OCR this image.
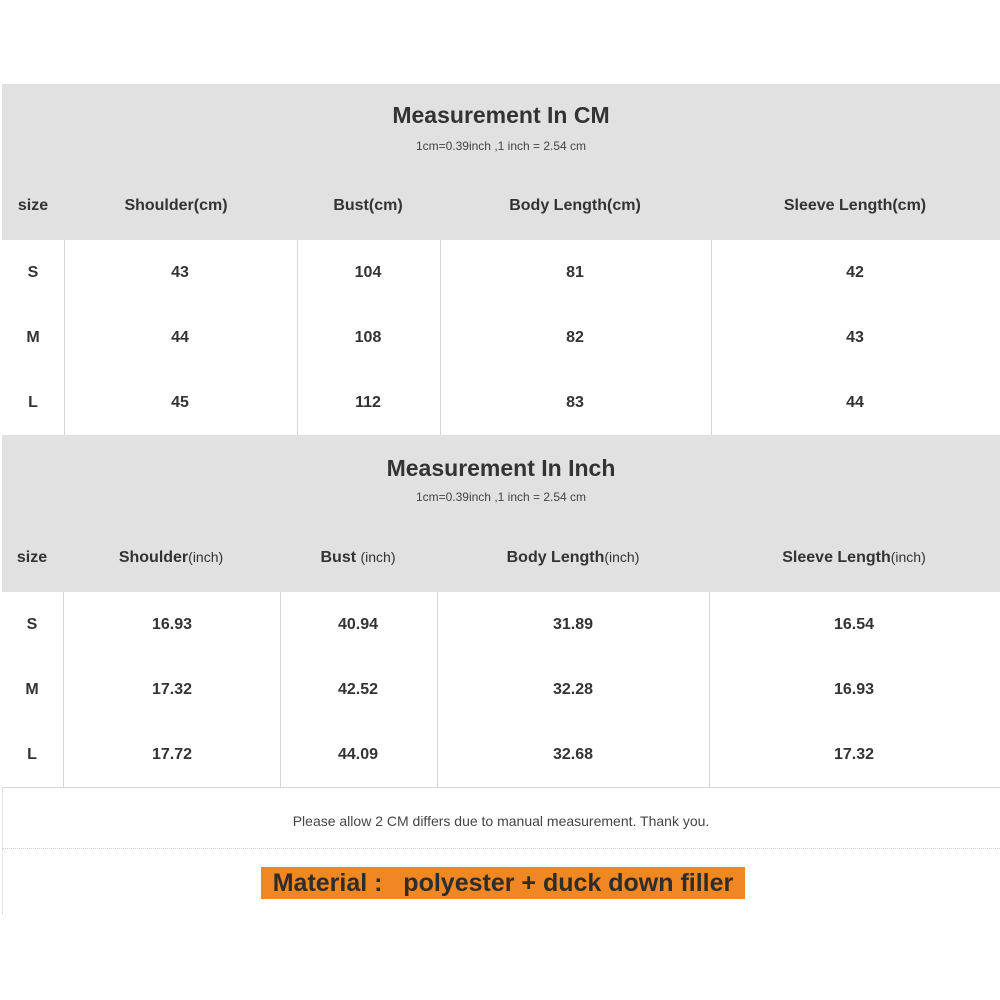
Measurement In CM
1cm=0.39inch ,1 inch = 2.54 cm
size	Shoulder(cm)	Bust(cm)	Body Length(cm)	Sleeve Length(cm)
S	43	104	81	42
M	44	108	82	43
L	45	112	83	44
Measurement In Inch
1cm=0.39inch ,1 inch = 2.54 cm
size	Shoulder(inch)	Bust (inch)	Body Length(inch)	Sleeve Length(inch)
S	16.93	40.94	31.89	16.54
M	17.32	42.52	32.28	16.93
L	17.72	44.09	32.68	17.32
Please allow 2 CM differs due to manual measurement. Thank you.
Material :   polyester + duck down filler
